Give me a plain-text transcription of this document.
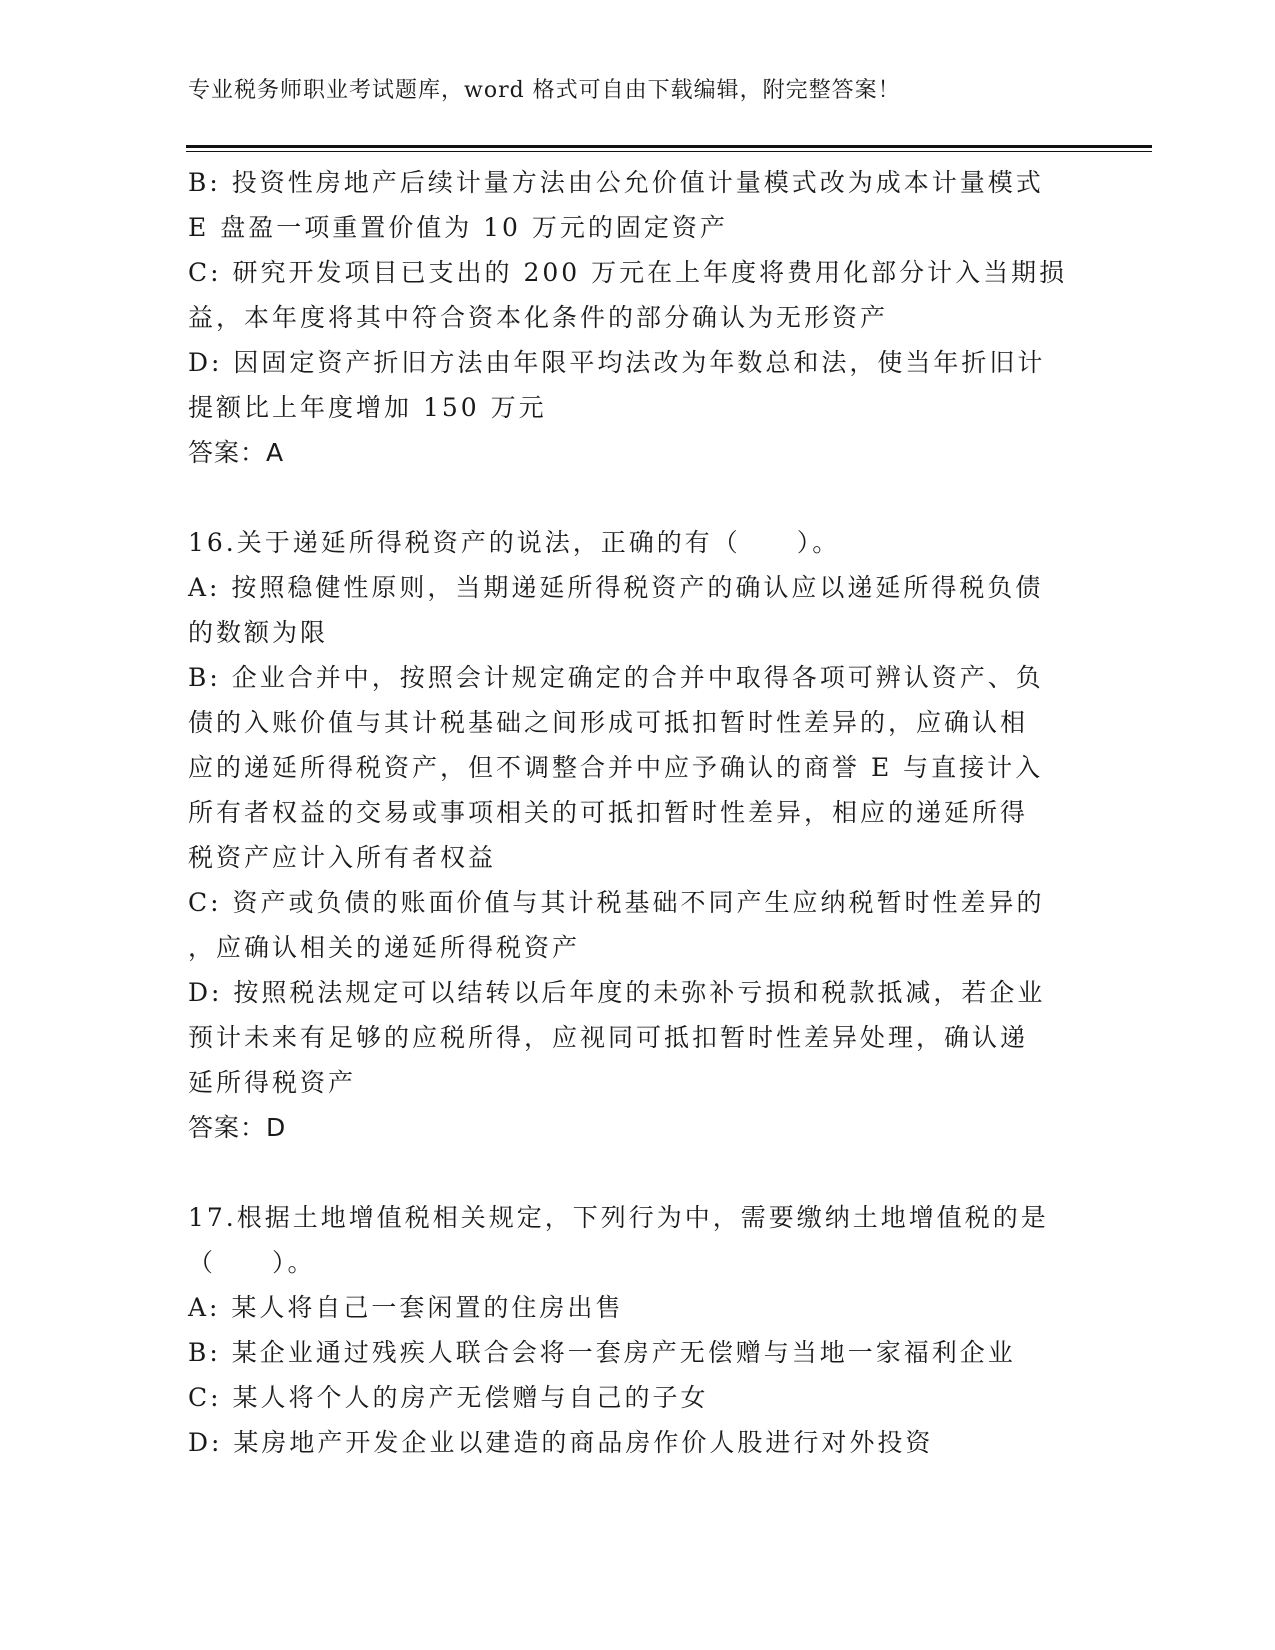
专业税务师职业考试题库，word 格式可自由下载编辑，附完整答案！
B: 投资性房地产后续计量方法由公允价值计量模式改为成本计量模式
E 盘盈一项重置价值为 10 万元的固定资产
C: 研究开发项目已支出的 200 万元在上年度将费用化部分计入当期损
益，本年度将其中符合资本化条件的部分确认为无形资产
D: 因固定资产折旧方法由年限平均法改为年数总和法，使当年折旧计
提额比上年度增加 150 万元
答案：A
16.关于递延所得税资产的说法，正确的有（　　）。
A: 按照稳健性原则，当期递延所得税资产的确认应以递延所得税负债
的数额为限
B: 企业合并中，按照会计规定确定的合并中取得各项可辨认资产、负
债的入账价值与其计税基础之间形成可抵扣暂时性差异的，应确认相
应的递延所得税资产，但不调整合并中应予确认的商誉 E 与直接计入
所有者权益的交易或事项相关的可抵扣暂时性差异，相应的递延所得
税资产应计入所有者权益
C: 资产或负债的账面价值与其计税基础不同产生应纳税暂时性差异的
，应确认相关的递延所得税资产
D: 按照税法规定可以结转以后年度的未弥补亏损和税款抵减，若企业
预计未来有足够的应税所得，应视同可抵扣暂时性差异处理，确认递
延所得税资产
答案：D
17.根据土地增值税相关规定，下列行为中，需要缴纳土地增值税的是
（　　）。
A: 某人将自己一套闲置的住房出售
B: 某企业通过残疾人联合会将一套房产无偿赠与当地一家福利企业
C: 某人将个人的房产无偿赠与自己的子女
D: 某房地产开发企业以建造的商品房作价人股进行对外投资
